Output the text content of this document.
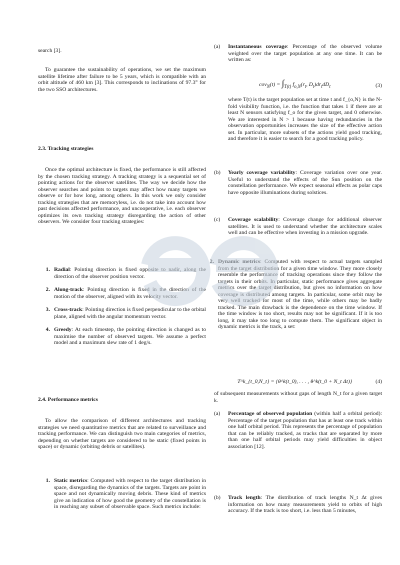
search [3].

To guarantee the sustainability of operations, we set the maximum satellite lifetime after failure to be 5 years, which is compatible with an orbit altitude of 460 km [3]. This corresponds to inclinations of 97.3° for the two SSO architectures.

2.3. Tracking strategies

Once the optimal architecture is fixed, the performance is still affected by the chosen tracking strategy. A tracking strategy is a sequential set of pointing actions for the observer satellites. The way we decide how the observer searches and points to targets may affect how many targets we observe or for how long, among others. In this work we only consider tracking strategies that are memoryless, i.e. do not take into account how past decisions affected performance, and uncooperative, i.e. each observer optimizes its own tracking strategy disregarding the action of other observers. We consider four tracking strategies:

1. Radial: Pointing direction is fixed opposite to nadir, along the direction of the observer position vector.
2. Along-track: Pointing direction is fixed in the direction of the motion of the observer, aligned with its velocity vector.
3. Cross-track: Pointing direction is fixed perpendicular to the orbital plane, aligned with the angular momentum vector.
4. Greedy: At each timestep, the pointing direction is changed as to maximise the number of observed targets. We assume a perfect model and a maximum slew rate of 1 deg/s.
2.4. Performance metrics

To allow the comparison of different architectures and tracking strategies we need quantitative metrics that are related to surveillance and tracking performance. We can distinguish two main categories of metrics, depending on whether targets are considered to be static (fixed points in space) or dynamic (orbiting debris or satellites).

1. Static metrics: Computed with respect to the target distribution in space, disregarding the dynamics of the targets. Targets are point in space and not dynamically moving debris. These kind of metrics give an indication of how good the geometry of the constellation is in reaching any subset of observable space. Such metrics include:
(a)	Instantaneous coverage: Percentage of the observed volume weighted over the target population at any one time. It can be written as:
$cov_N(t) = \int_{T(t)}$ $f_{o,N}(r_t$, $D_t)dr_tdD_t$	(3)

where T(t) is the target population set at time t and f_{o,N} is the N-fold visibility function, i.e. the function that takes 1 if there are at least N sensors satisfying f_o for the given target, and 0 otherwise. We are interested in N > 1 because having redundancies in the observation opportunities increases the size of the effective action set. In particular, more subsets of the actions yield good tracking, and therefore it is easier to search for a good tracking policy.

(b)	Yearly coverage variability: Coverage variation over one year. Useful to understand the effects of the Sun position on the constellation performance. We expect seasonal effects as polar caps have opposite illuminations during solstices.
(c)	Coverage scalability: Coverage change for additional observer satellites. It is used to understand whether the architecture scales well and can be effective when investing in a mission upgrade.
2. Dynamic metrics: Computed with respect to actual targets sampled from the target distribution for a given time window. They more closely resemble the performance of tracking operations since they follow the targets in their orbits. In particular, static performance gives aggregate metrics over the target distribution, but gives no information on how coverage is distributed among targets. In particular, some orbit may be very well tracked for most of the time, while others may be badly tracked. The main drawback is the dependence on the time window. If the time window is too short, results may not be significant. If it is too long, it may take too long to compute them. The significant object in dynamic metrics is the track, a set:
T^k_{t_0,N_t} = {θ^k(t_0), . . . , θ^k(t_0 + N_t Δt)}	(4)

of subsequent measurements without gaps of length N_t for a given target k.

(a)	Percentage of observed population (within half a orbital period): Percentage of the target population that has at least one track within one half orbital period. This represents the percentage of population that can be reliably tracked, as tracks that are separated by more than one half orbital periods may yield difficulties in object association [12].
(b)	Track length: The distribution of track lengths N_t Δt gives information on how many measurements yield to orbits of high accuracy. If the track is too short, i.e. less than 5 minutes,
